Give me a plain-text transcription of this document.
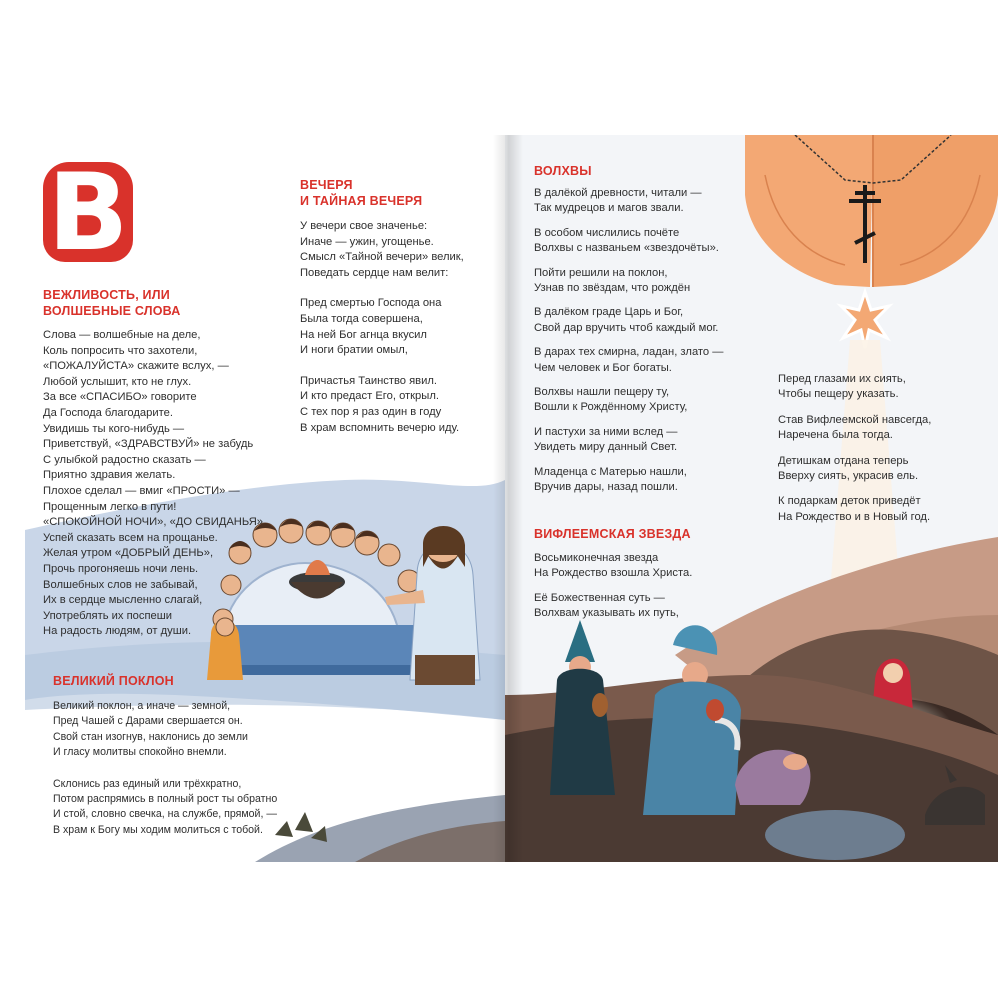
В
ВЕЖЛИВОСТЬ, ИЛИ
ВОЛШЕБНЫЕ СЛОВА
Слова — волшебные на деле,
Коль попросить что захотели,
«ПОЖАЛУЙСТА» скажите вслух, —
Любой услышит, кто не глух.
За все «СПАСИБО» говорите
Да Господа благодарите.
Увидишь ты кого-нибудь —
Приветствуй, «ЗДРАВСТВУЙ» не забудь
С улыбкой радостно сказать —
Приятно здравия желать.
Плохое сделал — вмиг «ПРОСТИ» —
Прощенным легко в пути!
«СПОКОЙНОЙ НОЧИ», «ДО СВИДАНЬЯ»
Успей сказать всем на прощанье.
Желая утром «ДОБРЫЙ ДЕНЬ»,
Прочь прогоняешь ночи лень.
Волшебных слов не забывай,
Их в сердце мысленно слагай,
Употреблять их поспеши
На радость людям, от души.
ВЕЧЕРЯ
И ТАЙНАЯ ВЕЧЕРЯ
У вечери свое значенье:
Иначе — ужин, угощенье.
Смысл «Тайной вечери» велик,
Поведать сердце нам велит:
Пред смертью Господа она
Была тогда совершена,
На ней Бог агнца вкусил
И ноги братии омыл,
Причастья Таинство явил.
И кто предаст Его, открыл.
С тех пор я раз один в году
В храм вспомнить вечерю иду.
ВЕЛИКИЙ ПОКЛОН
Великий поклон, а иначе — земной,
Пред Чашей с Дарами свершается он.
Свой стан изогнув, наклонись до земли
И гласу молитвы спокойно внемли.
Склонись раз единый или трёхкратно,
Потом распрямись в полный рост ты обратно
И стой, словно свечка, на службе, прямой, —
В храм к Богу мы ходим молиться с тобой.
ВОЛХВЫ
В далёкой древности, читали —
Так мудрецов и магов звали.
В особом числились почёте
Волхвы с названьем «звездочёты».
Пойти решили на поклон,
Узнав по звёздам, что рождён
В далёком граде Царь и Бог,
Свой дар вручить чтоб каждый мог.
В дарах тех смирна, ладан, злато —
Чем человек и Бог богаты.
Волхвы нашли пещеру ту,
Вошли к Рождённому Христу,
И пастухи за ними вслед —
Увидеть миру данный Свет.
Младенца с Матерью нашли,
Вручив дары, назад пошли.
ВИФЛЕЕМСКАЯ ЗВЕЗДА
Восьмиконечная звезда
На Рождество взошла Христа.
Её Божественная суть —
Волхвам указывать их путь,
Перед глазами их сиять,
Чтобы пещеру указать.
Став Вифлеемской навсегда,
Наречена была тогда.
Детишкам отдана теперь
Вверху сиять, украсив ель.
К подаркам деток приведёт
На Рождество и в Новый год.
